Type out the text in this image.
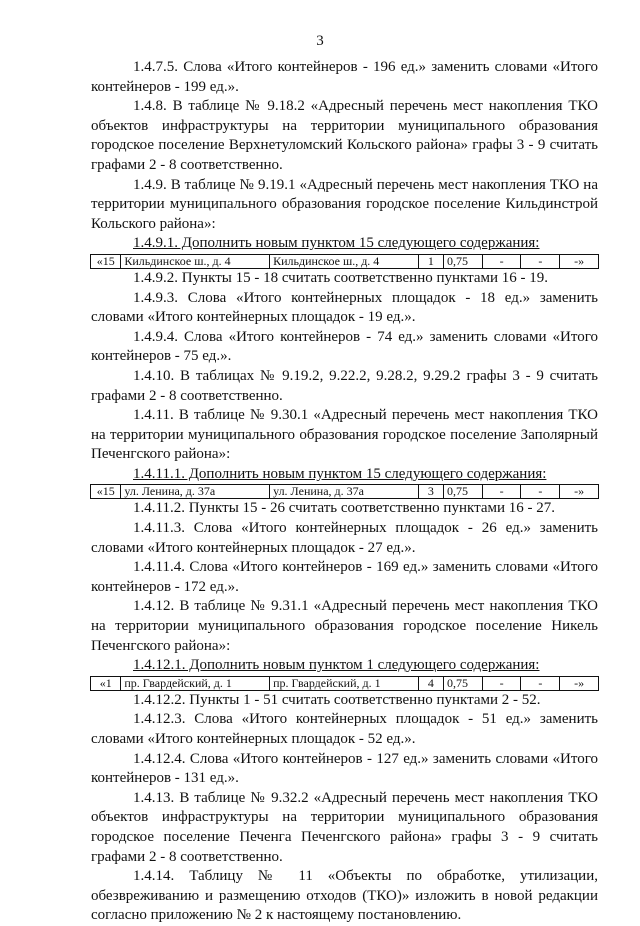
3

1.4.7.5. Слова «Итого контейнеров - 196 ед.» заменить словами «Итого контейнеров - 199 ед.».

1.4.8. В таблице № 9.18.2 «Адресный перечень мест накопления ТКО объектов инфраструктуры на территории муниципального образования городское поселение Верхнетуломский Кольского района» графы 3 - 9 считать графами 2 - 8 соответственно.

1.4.9. В таблице № 9.19.1 «Адресный перечень мест накопления ТКО на территории муниципального образования городское поселение Кильдинстрой Кольского района»:

1.4.9.1. Дополнить новым пунктом 15 следующего содержания:

«15	Кильдинское ш., д. 4	Кильдинское ш., д. 4	1	0,75	-	-	-»

1.4.9.2. Пункты 15 - 18 считать соответственно пунктами 16 - 19.

1.4.9.3. Слова «Итого контейнерных площадок - 18 ед.» заменить словами «Итого контейнерных площадок - 19 ед.».

1.4.9.4. Слова «Итого контейнеров - 74 ед.» заменить словами «Итого контейнеров - 75 ед.».

1.4.10. В таблицах № 9.19.2, 9.22.2, 9.28.2, 9.29.2 графы 3 - 9 считать графами 2 - 8 соответственно.

1.4.11. В таблице № 9.30.1 «Адресный перечень мест накопления ТКО на территории муниципального образования городское поселение Заполярный Печенгского района»:

1.4.11.1. Дополнить новым пунктом 15 следующего содержания:

«15	ул. Ленина, д. 37а	ул. Ленина, д. 37а	3	0,75	-	-	-»

1.4.11.2. Пункты 15 - 26 считать соответственно пунктами 16 - 27.

1.4.11.3. Слова «Итого контейнерных площадок - 26 ед.» заменить словами «Итого контейнерных площадок - 27 ед.».

1.4.11.4. Слова «Итого контейнеров - 169 ед.» заменить словами «Итого контейнеров - 172 ед.».

1.4.12. В таблице № 9.31.1 «Адресный перечень мест накопления ТКО на территории муниципального образования городское поселение Никель Печенгского района»:

1.4.12.1. Дополнить новым пунктом 1 следующего содержания:

«1	пр. Гвардейский, д. 1	пр. Гвардейский, д. 1	4	0,75	-	-	-»

1.4.12.2. Пункты 1 - 51 считать соответственно пунктами 2 - 52.

1.4.12.3. Слова «Итого контейнерных площадок - 51 ед.» заменить словами «Итого контейнерных площадок - 52 ед.».

1.4.12.4. Слова «Итого контейнеров - 127 ед.» заменить словами «Итого контейнеров - 131 ед.».

1.4.13. В таблице № 9.32.2 «Адресный перечень мест накопления ТКО объектов инфраструктуры на территории муниципального образования городское поселение Печенга Печенгского района» графы 3 - 9 считать графами 2 - 8 соответственно.

1.4.14. Таблицу № 11 «Объекты по обработке, утилизации, обезвреживанию и размещению отходов (ТКО)» изложить в новой редакции согласно приложению № 2 к настоящему постановлению.
